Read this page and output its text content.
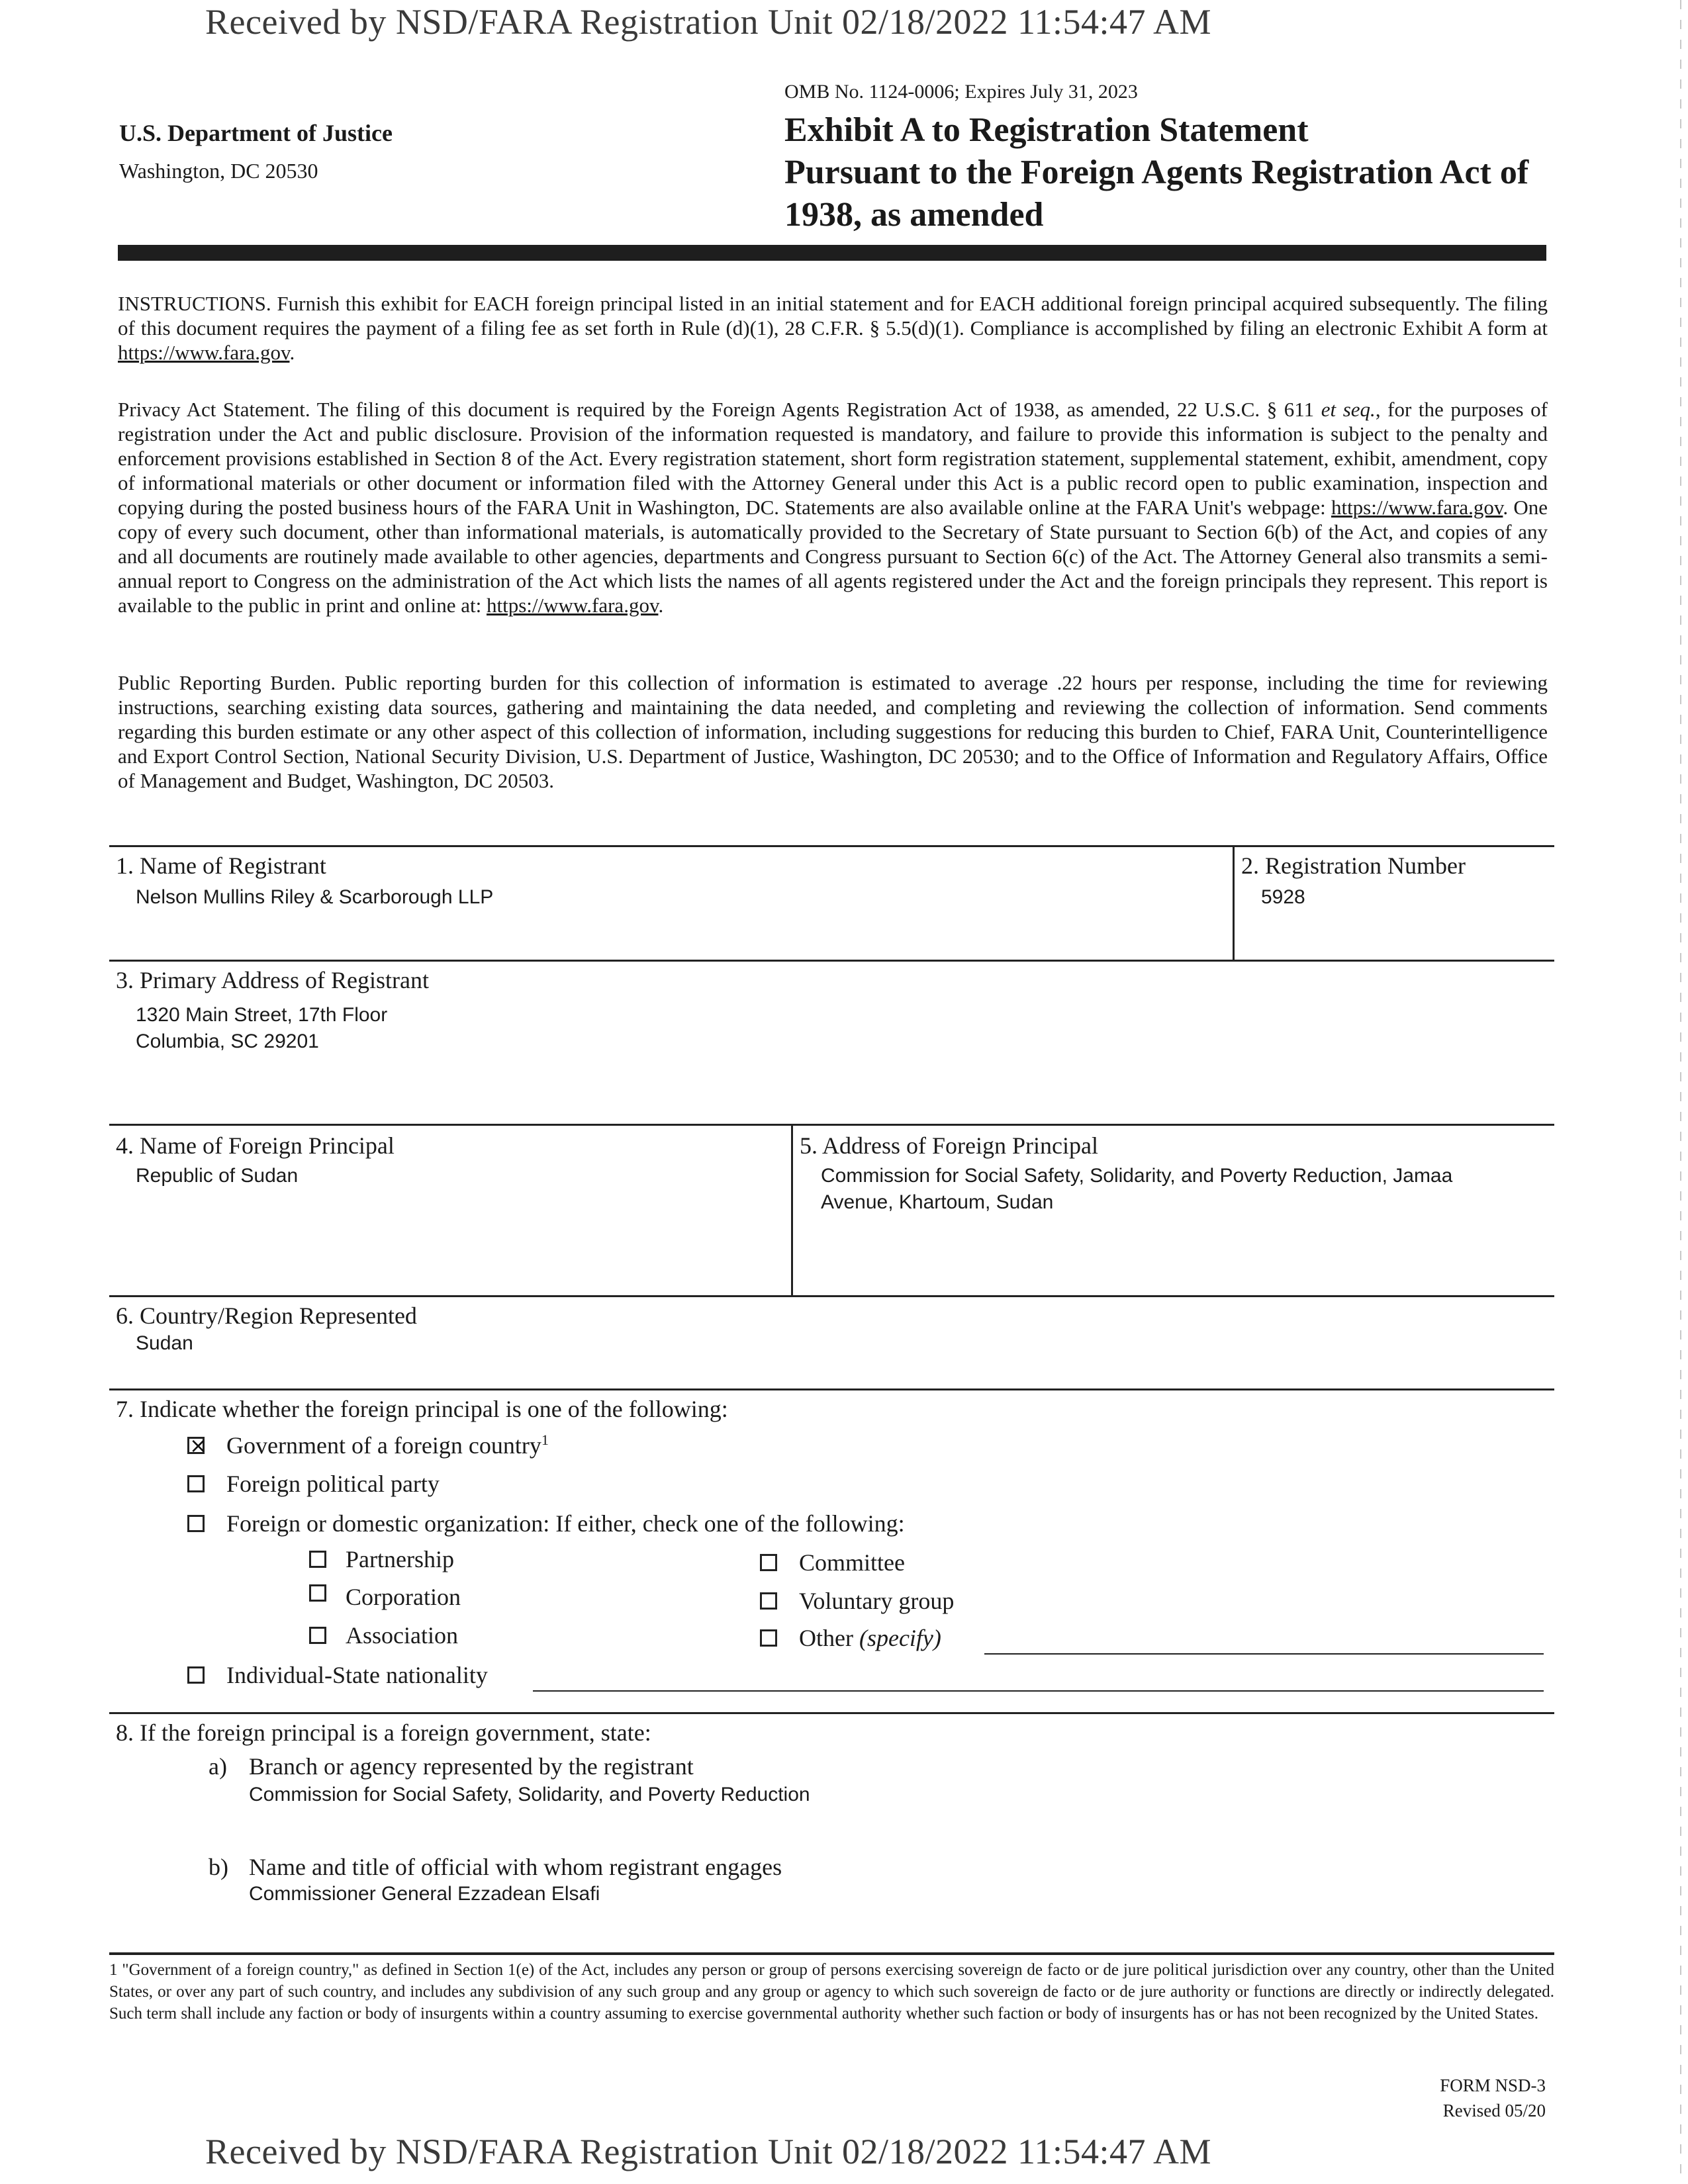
Received by NSD/FARA Registration Unit 02/18/2022 11:54:47 AM
Received by NSD/FARA Registration Unit 02/18/2022 11:54:47 AM
OMB No. 1124-0006; Expires July 31, 2023
U.S. Department of Justice
Washington, DC 20530
Exhibit A to Registration Statement
Pursuant to the Foreign Agents Registration Act of
1938, as amended
INSTRUCTIONS. Furnish this exhibit for EACH foreign principal listed in an initial statement and for EACH additional foreign principal acquired subsequently. The filing of this document requires the payment of a filing fee as set forth in Rule (d)(1), 28 C.F.R. § 5.5(d)(1). Compliance is accomplished by filing an electronic Exhibit A form at https://www.fara.gov.
Privacy Act Statement. The filing of this document is required by the Foreign Agents Registration Act of 1938, as amended, 22 U.S.C. § 611 et seq., for the purposes of registration under the Act and public disclosure. Provision of the information requested is mandatory, and failure to provide this information is subject to the penalty and enforcement provisions established in Section 8 of the Act. Every registration statement, short form registration statement, supplemental statement, exhibit, amendment, copy of informational materials or other document or information filed with the Attorney General under this Act is a public record open to public examination, inspection and copying during the posted business hours of the FARA Unit in Washington, DC. Statements are also available online at the FARA Unit's webpage: https://www.fara.gov. One copy of every such document, other than informational materials, is automatically provided to the Secretary of State pursuant to Section 6(b) of the Act, and copies of any and all documents are routinely made available to other agencies, departments and Congress pursuant to Section 6(c) of the Act. The Attorney General also transmits a semi-annual report to Congress on the administration of the Act which lists the names of all agents registered under the Act and the foreign principals they represent. This report is available to the public in print and online at: https://www.fara.gov.
Public Reporting Burden. Public reporting burden for this collection of information is estimated to average .22 hours per response, including the time for reviewing instructions, searching existing data sources, gathering and maintaining the data needed, and completing and reviewing the collection of information. Send comments regarding this burden estimate or any other aspect of this collection of information, including suggestions for reducing this burden to Chief, FARA Unit, Counterintelligence and Export Control Section, National Security Division, U.S. Department of Justice, Washington, DC 20530; and to the Office of Information and Regulatory Affairs, Office of Management and Budget, Washington, DC 20503.
1. Name of Registrant
Nelson Mullins Riley & Scarborough LLP
2. Registration Number
5928
3. Primary Address of Registrant
1320 Main Street, 17th Floor
Columbia, SC 29201
4. Name of Foreign Principal
Republic of Sudan
5. Address of Foreign Principal
Commission for Social Safety, Solidarity, and Poverty Reduction, Jamaa
Avenue, Khartoum, Sudan
6. Country/Region Represented
Sudan
7. Indicate whether the foreign principal is one of the following:
×
Government of a foreign country$^1$
Foreign political party
Foreign or domestic organization: If either, check one of the following:
Partnership
Corporation
Association
Committee
Voluntary group
Other (specify)
Individual-State nationality
8. If the foreign principal is a foreign government, state:
a) Branch or agency represented by the registrant
Commission for Social Safety, Solidarity, and Poverty Reduction
b) Name and title of official with whom registrant engages
Commissioner General Ezzadean Elsafi
1 "Government of a foreign country," as defined in Section 1(e) of the Act, includes any person or group of persons exercising sovereign de facto or de jure political jurisdiction over any country, other than the United States, or over any part of such country, and includes any subdivision of any such group and any group or agency to which such sovereign de facto or de jure authority or functions are directly or indirectly delegated. Such term shall include any faction or body of insurgents within a country assuming to exercise governmental authority whether such faction or body of insurgents has or has not been recognized by the United States.
FORM NSD-3
Revised 05/20
